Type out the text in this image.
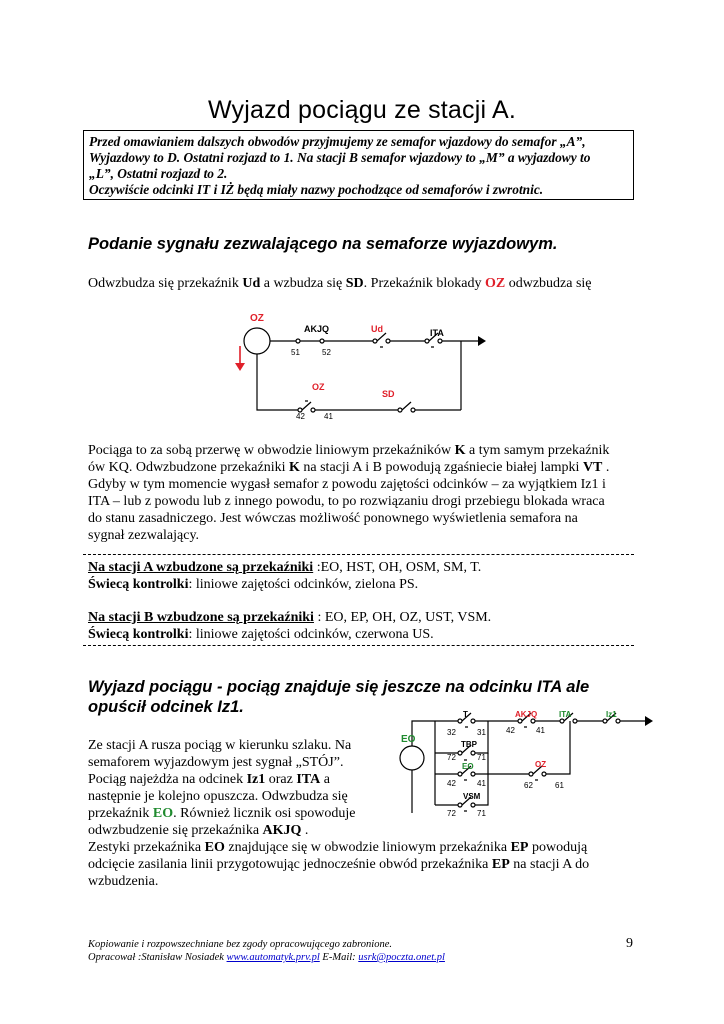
Wyjazd pociągu ze stacji A.

Przed omawianiem dalszych obwodów przyjmujemy ze semafor wjazdowy do semafor „A”,

Wyjazdowy to D. Ostatni rozjazd to 1. Na stacji B semafor wjazdowy to „M” a wyjazdowy to

„L”, Ostatni rozjazd to 2.

Oczywiście odcinki IT i IŻ będą miały nazwy pochodzące od semaforów i zwrotnic.

Podanie sygnału zezwalającego na semaforze wyjazdowym.
Odwzbudza się przekaźnik Ud a wzbudza się SD. Przekaźnik blokady OZ odwzbudza się
OZ
AKJQ
51	52
Ud	ITA
OZ
42 41
SD

Pociąga to za sobą przerwę w obwodzie liniowym przekaźników K a tym samym przekaźnik

ów KQ. Odwzbudzone przekaźniki K na stacji A i B powodują zgaśniecie białej lampki VT .

Gdyby w tym momencie wygasł semafor z powodu zajętości odcinków – za wyjątkiem Iz1 i

ITA – lub z powodu lub z innego powodu, to po rozwiązaniu drogi przebiegu blokada wraca

do stanu zasadniczego. Jest wówczas możliwość ponownego wyświetlenia semafora na

sygnał zezwalający.

Na stacji A wzbudzone są przekaźniki :EO, HST, OH, OSM, SM, T.
Świecą kontrolki: liniowe zajętości odcinków, zielona PS.
Na stacji B wzbudzone są przekaźniki : EO, EP, OH, OZ, UST, VSM.
Świecą kontrolki: liniowe zajętości odcinków, czerwona US.
Wyjazd pociągu - pociąg znajduje się jeszcze na odcinku ITA ale
opuścił odcinek Iz1.
EO
T
32	31
AKJQ
42	41
ITA	Iz1
TBP
72	71
EO
42	41
OZ
62	61
VSM
72	71

Ze stacji A rusza pociąg w kierunku szlaku. Na

semaforem wyjazdowym jest sygnał „STÓJ”.

Pociąg najeżdża na odcinek Iz1 oraz ITA a

następnie je kolejno opuszcza. Odwzbudza się

przekaźnik EO. Również licznik osi spowoduje

odwzbudzenie się przekaźnika AKJQ .

Zestyki przekaźnika EO znajdujące się w obwodzie liniowym przekaźnika EP powodują

odcięcie zasilania linii przygotowując jednocześnie obwód przekaźnika EP na stacji A do

wzbudzenia.

Kopiowanie i rozpowszechniane bez zgody opracowującego zabronione.
Opracował :Stanisław Nosiadek www.automatyk.prv.pl E-Mail: usrk@poczta.onet.pl
9
